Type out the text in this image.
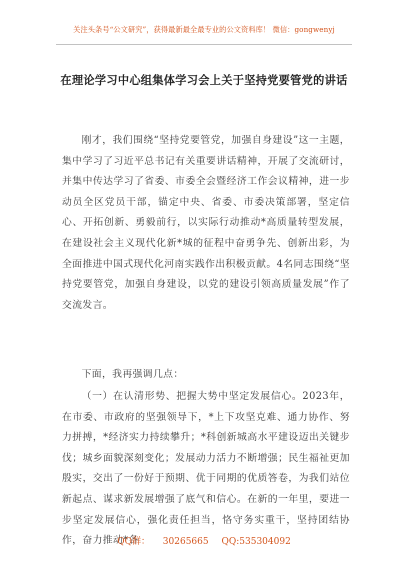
关注头条号“公文研究”，获得最新最全最专业的公文资料库！ 微信：gongwenyj
在理论学习中心组集体学习会上关于坚持党要管党的讲话
刚才，我们围绕“坚持党要管党，加强自身建设”这一主题，集中学习了习近平总书记有关重要讲话精神，开展了交流研讨，并集中传达学习了省委、市委全会暨经济工作会议精神，进一步动员全区党员干部，锚定中央、省委、市委决策部署，坚定信心、开拓创新、勇毅前行，以实际行动推动*高质量转型发展，在建设社会主义现代化新*城的征程中奋勇争先、创新出彩，为全面推进中国式现代化河南实践作出积极贡献。4名同志围绕“坚持党要管党，加强自身建设，以党的建设引领高质量发展”作了交流发言。
下面，我再强调几点：
（一）在认清形势、把握大势中坚定发展信心。2023年，在市委、市政府的坚强领导下，*上下攻坚克难、通力协作、努力拼搏，*经济实力持续攀升；*科创新城高水平建设迈出关键步伐；城乡面貌深刻变化；发展动力活力不断增强；民生福祉更加殷实，交出了一份好于预期、优于同期的优质答卷，为我们站位新起点、谋求新发展增强了底气和信心。在新的一年里，要进一步坚定发展信心，强化责任担当，恪守务实重干，坚持团结协作，奋力推动*各
QQ群： 30265665 QQ:535304092
